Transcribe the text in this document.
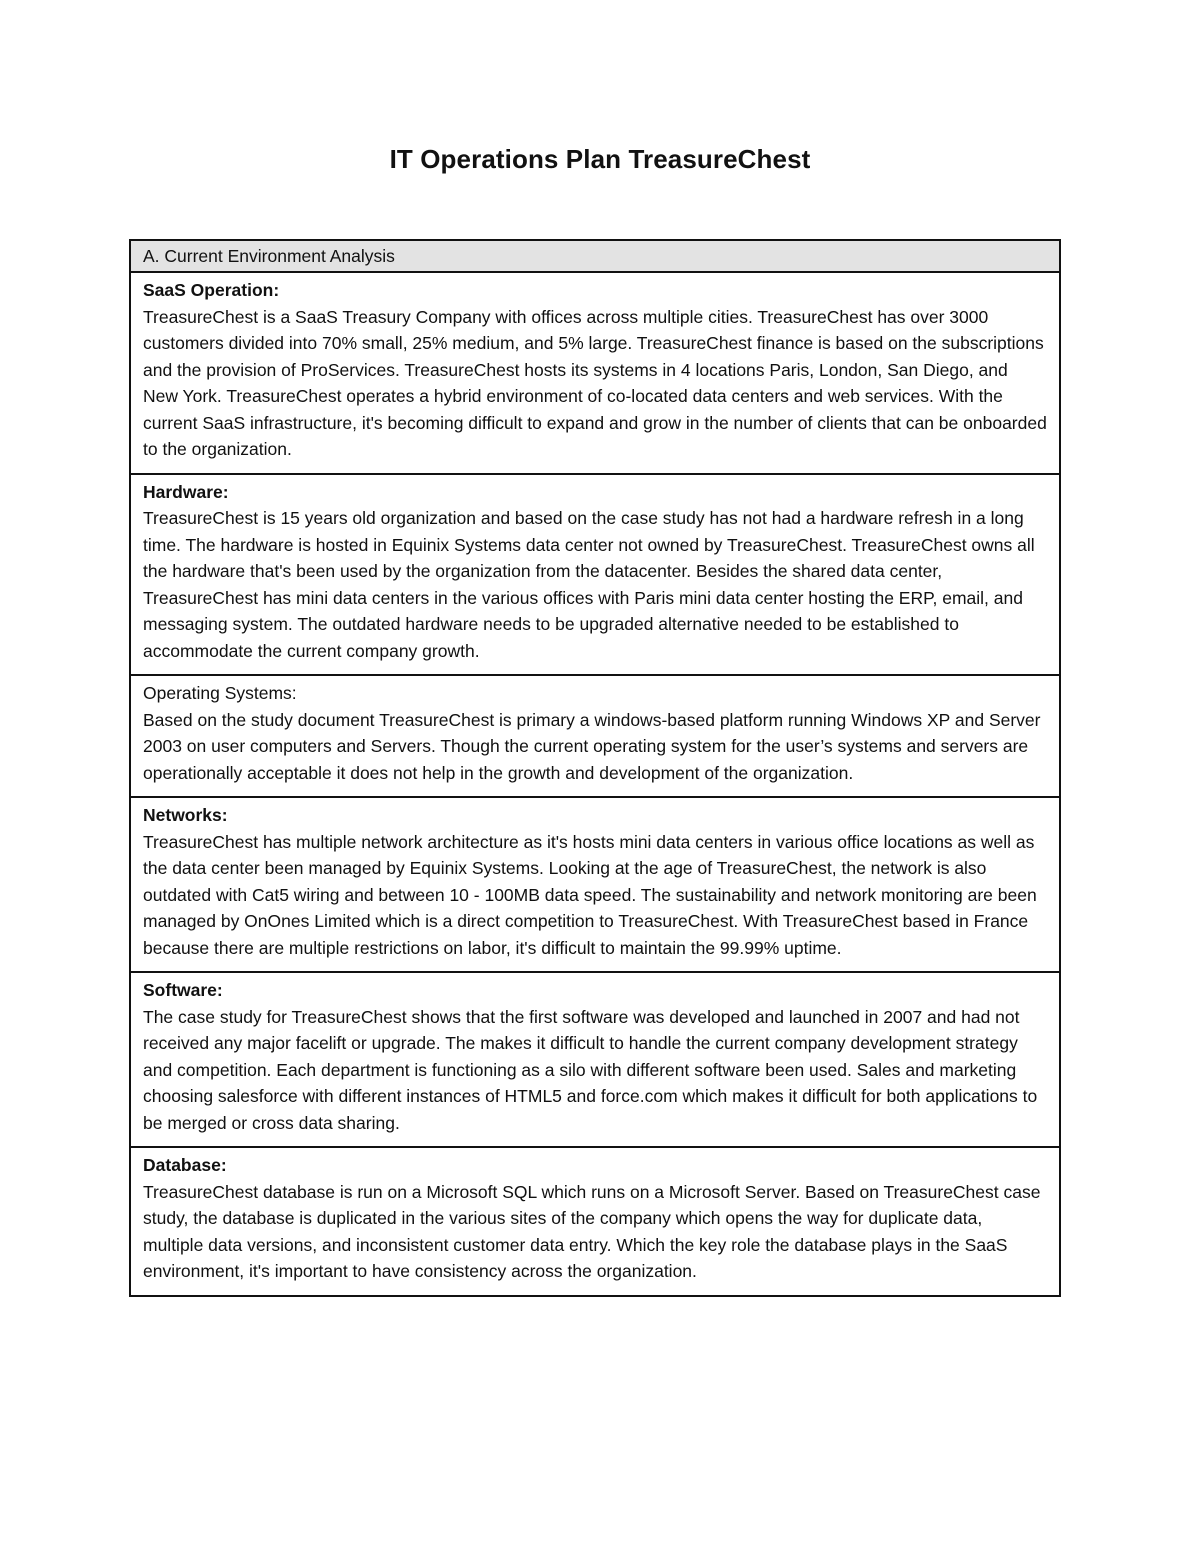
IT Operations Plan TreasureChest
A. Current Environment Analysis
SaaS Operation:
TreasureChest is a SaaS Treasury Company with offices across multiple cities. TreasureChest has over 3000 customers divided into 70% small, 25% medium, and 5% large. TreasureChest finance is based on the subscriptions and the provision of ProServices. TreasureChest hosts its systems in 4 locations Paris, London, San Diego, and New York. TreasureChest operates a hybrid environment of co-located data centers and web services. With the current SaaS infrastructure, it's becoming difficult to expand and grow in the number of clients that can be onboarded to the organization.
Hardware:
TreasureChest is 15 years old organization and based on the case study has not had a hardware refresh in a long time. The hardware is hosted in Equinix Systems data center not owned by TreasureChest. TreasureChest owns all the hardware that's been used by the organization from the datacenter. Besides the shared data center, TreasureChest has mini data centers in the various offices with Paris mini data center hosting the ERP, email, and messaging system. The outdated hardware needs to be upgraded alternative needed to be established to accommodate the current company growth.
Operating Systems:
Based on the study document TreasureChest is primary a windows-based platform running Windows XP and Server 2003 on user computers and Servers. Though the current operating system for the user’s systems and servers are operationally acceptable it does not help in the growth and development of the organization.
Networks:
TreasureChest has multiple network architecture as it's hosts mini data centers in various office locations as well as the data center been managed by Equinix Systems. Looking at the age of TreasureChest, the network is also outdated with Cat5 wiring and between 10 - 100MB data speed. The sustainability and network monitoring are been managed by OnOnes Limited which is a direct competition to TreasureChest. With TreasureChest based in France because there are multiple restrictions on labor, it's difficult to maintain the 99.99% uptime.
Software:
The case study for TreasureChest shows that the first software was developed and launched in 2007 and had not received any major facelift or upgrade. The makes it difficult to handle the current company development strategy and competition. Each department is functioning as a silo with different software been used. Sales and marketing choosing salesforce with different instances of HTML5 and force.com which makes it difficult for both applications to be merged or cross data sharing.
Database:
TreasureChest database is run on a Microsoft SQL which runs on a Microsoft Server. Based on TreasureChest case study, the database is duplicated in the various sites of the company which opens the way for duplicate data, multiple data versions, and inconsistent customer data entry. Which the key role the database plays in the SaaS environment, it's important to have consistency across the organization.
